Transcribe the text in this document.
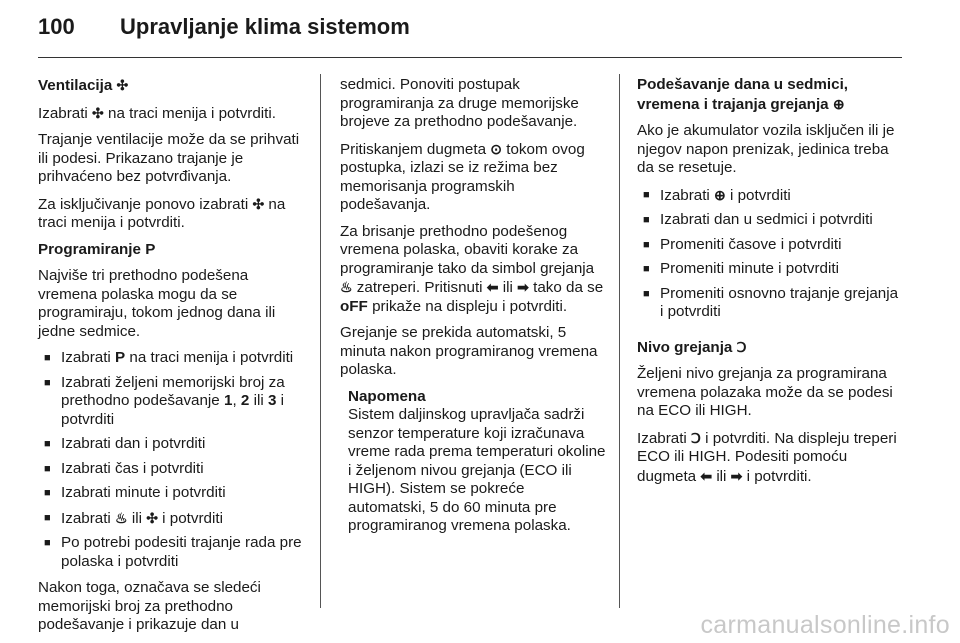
100	Upravljanje klima sistemom

Ventilacija ✣

Izabrati ✣ na traci menija i potvrditi.

Trajanje ventilacije može da se prihvati ili podesi. Prikazano trajanje je prihvaćeno bez potvrđivanja.

Za isključivanje ponovo izabrati ✣ na traci menija i potvrditi.

Programiranje P

Najviše tri prethodno podešena vremena polaska mogu da se programiraju, tokom jednog dana ili jedne sedmice.

■ Izabrati P na traci menija i potvrditi
■ Izabrati željeni memorijski broj za prethodno podešavanje 1, 2 ili 3 i potvrditi
■ Izabrati dan i potvrditi
■ Izabrati čas i potvrditi
■ Izabrati minute i potvrditi
■ Izabrati ♨ ili ✣ i potvrditi
■ Po potrebi podesiti trajanje rada pre polaska i potvrditi

Nakon toga, označava se sledeći memorijski broj za prethodno podešavanje i prikazuje dan u

sedmici. Ponoviti postupak programiranja za druge memorijske brojeve za prethodno podešavanje.

Pritiskanjem dugmeta ⊙ tokom ovog postupka, izlazi se iz režima bez memorisanja programskih podešavanja.

Za brisanje prethodno podešenog vremena polaska, obaviti korake za programiranje tako da simbol grejanja ♨ zatreperi. Pritisnuti ⬅ ili ➡ tako da se oFF prikaže na displeju i potvrditi.

Grejanje se prekida automatski, 5 minuta nakon programiranog vremena polaska.

Napomena
Sistem daljinskog upravljača sadrži senzor temperature koji izračunava vreme rada prema temperaturi okoline i željenom nivou grejanja (ECO ili HIGH). Sistem se pokreće automatski, 5 do 60 minuta pre programiranog vremena polaska.

Podešavanje dana u sedmici, vremena i trajanja grejanja ⊕

Ako je akumulator vozila isključen ili je njegov napon prenizak, jedinica treba da se resetuje.

■ Izabrati ⊕ i potvrditi
■ Izabrati dan u sedmici i potvrditi
■ Promeniti časove i potvrditi
■ Promeniti minute i potvrditi
■ Promeniti osnovno trajanje grejanja i potvrditi

Nivo grejanja Ↄ

Željeni nivo grejanja za programirana vremena polazaka može da se podesi na ECO ili HIGH.

Izabrati Ↄ i potvrditi. Na displeju treperi ECO ili HIGH. Podesiti pomoću dugmeta ⬅ ili ➡ i potvrditi.

carmanualsonline.info
